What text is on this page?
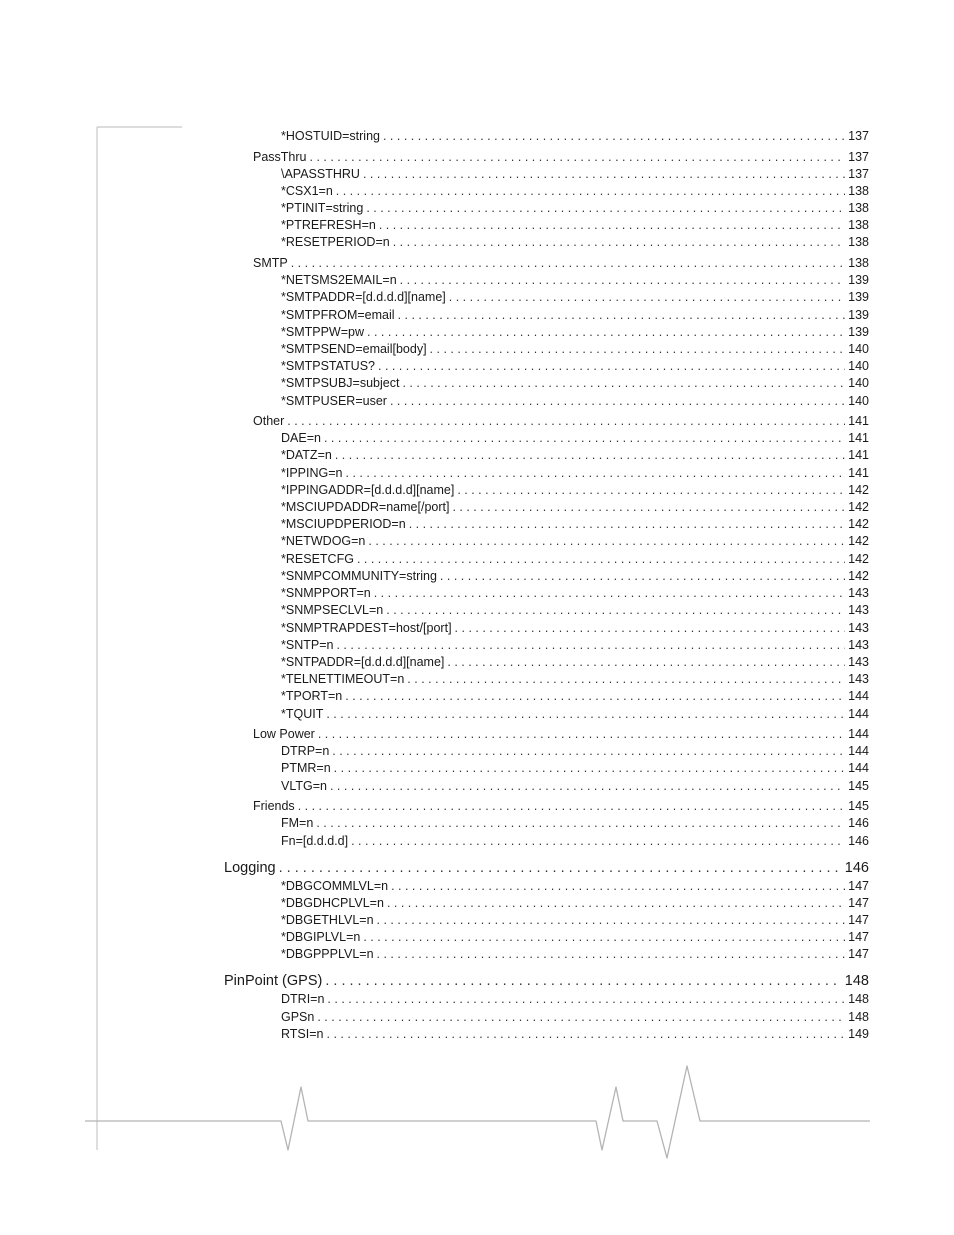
*HOSTUID=string . . .	137
PassThru . . .	137
\APASSTHRU . . .	137
*CSX1=n . . .	138
*PTINIT=string . . .	138
*PTREFRESH=n . . .	138
*RESETPERIOD=n . . .	138
SMTP . . .	138
*NETSMS2EMAIL=n . . .	139
*SMTPADDR=[d.d.d.d][name] . . .	139
*SMTPFROM=email . . .	139
*SMTPPW=pw . . .	139
*SMTPSEND=email[body] . . .	140
*SMTPSTATUS? . . .	140
*SMTPSUBJ=subject . . .	140
*SMTPUSER=user . . .	140
Other . . .	141
DAE=n . . .	141
*DATZ=n . . .	141
*IPPING=n . . .	141
*IPPINGADDR=[d.d.d.d][name] . . .	142
*MSCIUPDADDR=name[/port] . . .	142
*MSCIUPDPERIOD=n . . .	142
*NETWDOG=n . . .	142
*RESETCFG . . .	142
*SNMPCOMMUNITY=string . . .	142
*SNMPPORT=n . . .	143
*SNMPSECLVL=n . . .	143
*SNMPTRAPDEST=host/[port] . . .	143
*SNTP=n . . .	143
*SNTPADDR=[d.d.d.d][name] . . .	143
*TELNETTIMEOUT=n . . .	143
*TPORT=n . . .	144
*TQUIT . . .	144
Low Power . . .	144
DTRP=n . . .	144
PTMR=n . . .	144
VLTG=n . . .	145
Friends . . .	145
FM=n . . .	146
Fn=[d.d.d.d] . . .	146
Logging . . .	146
*DBGCOMMLVL=n . . .	147
*DBGDHCPLVL=n . . .	147
*DBGETHLVL=n . . .	147
*DBGIPLVL=n . . .	147
*DBGPPPLVL=n . . .	147
PinPoint (GPS) . . .	148
DTRI=n . . .	148
GPSn . . .	148
RTSI=n . . .	149
